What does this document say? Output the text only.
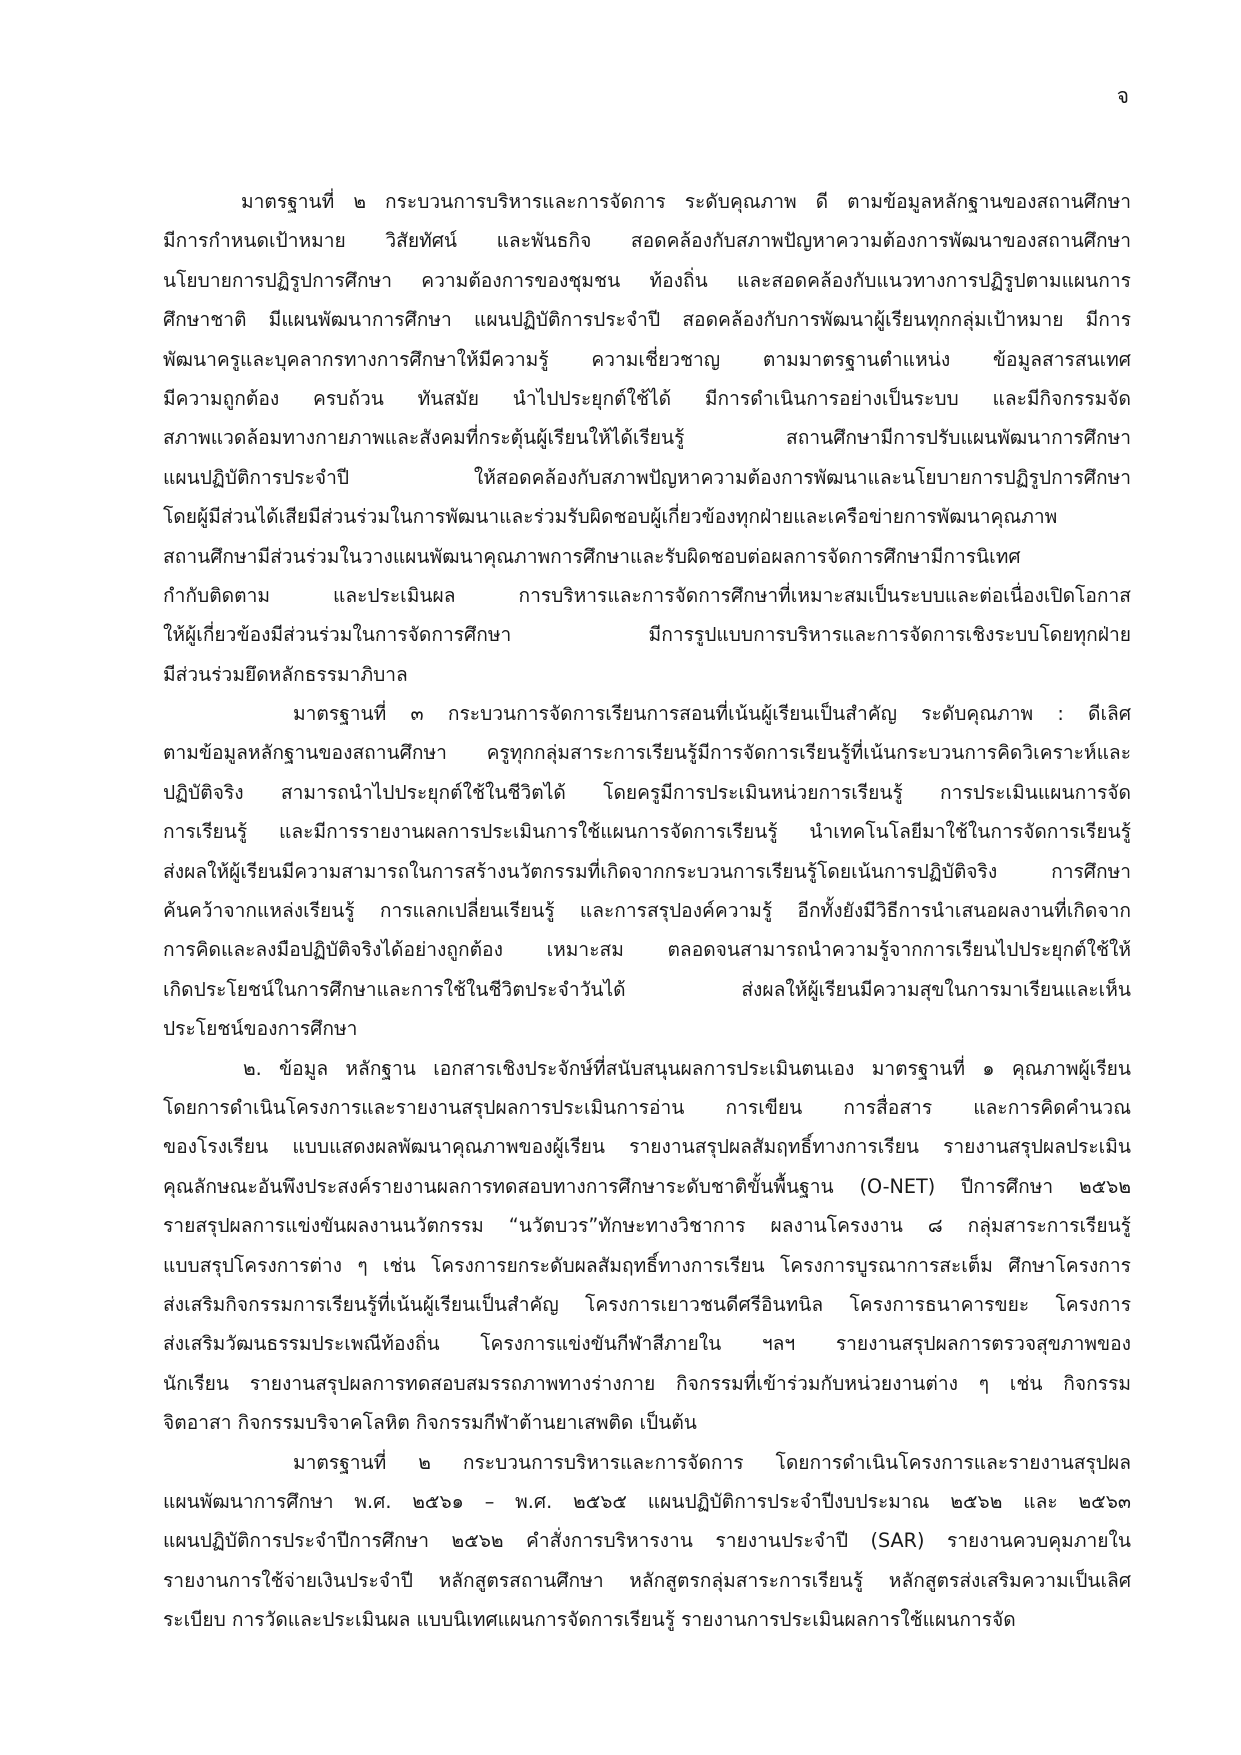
จ
มาตรฐานที่ ๒ กระบวนการบริหารและการจัดการ ระดับคุณภาพ ดี ตามข้อมูลหลักฐานของสถานศึกษา
มีการกำหนดเป้าหมาย วิสัยทัศน์ และพันธกิจ สอดคล้องกับสภาพปัญหาความต้องการพัฒนาของสถานศึกษา
นโยบายการปฏิรูปการศึกษา ความต้องการของชุมชน ท้องถิ่น และสอดคล้องกับแนวทางการปฏิรูปตามแผนการ
ศึกษาชาติ มีแผนพัฒนาการศึกษา แผนปฏิบัติการประจำปี สอดคล้องกับการพัฒนาผู้เรียนทุกกลุ่มเป้าหมาย มีการ
พัฒนาครูและบุคลากรทางการศึกษาให้มีความรู้ ความเชี่ยวชาญ ตามมาตรฐานตำแหน่ง ข้อมูลสารสนเทศ
มีความถูกต้อง ครบถ้วน ทันสมัย นำไปประยุกต์ใช้ได้ มีการดำเนินการอย่างเป็นระบบ และมีกิจกรรมจัด
สภาพแวดล้อมทางกายภาพและสังคมที่กระตุ้นผู้เรียนให้ได้เรียนรู้ สถานศึกษามีการปรับแผนพัฒนาการศึกษา
แผนปฏิบัติการประจำปี ให้สอดคล้องกับสภาพปัญหาความต้องการพัฒนาและนโยบายการปฏิรูปการศึกษา
โดยผู้มีส่วนได้เสียมีส่วนร่วมในการพัฒนาและร่วมรับผิดชอบผู้เกี่ยวข้องทุกฝ่ายและเครือข่ายการพัฒนาคุณภาพ
สถานศึกษามีส่วนร่วมในวางแผนพัฒนาคุณภาพการศึกษาและรับผิดชอบต่อผลการจัดการศึกษามีการนิเทศ
กำกับติดตาม และประเมินผล การบริหารและการจัดการศึกษาที่เหมาะสมเป็นระบบและต่อเนื่องเปิดโอกาส
ให้ผู้เกี่ยวข้องมีส่วนร่วมในการจัดการศึกษา มีการรูปแบบการบริหารและการจัดการเชิงระบบโดยทุกฝ่าย
มีส่วนร่วมยึดหลักธรรมาภิบาล
มาตรฐานที่ ๓ กระบวนการจัดการเรียนการสอนที่เน้นผู้เรียนเป็นสำคัญ ระดับคุณภาพ : ดีเลิศ
ตามข้อมูลหลักฐานของสถานศึกษา ครูทุกกลุ่มสาระการเรียนรู้มีการจัดการเรียนรู้ที่เน้นกระบวนการคิดวิเคราะห์และ
ปฏิบัติจริง สามารถนำไปประยุกต์ใช้ในชีวิตได้ โดยครูมีการประเมินหน่วยการเรียนรู้ การประเมินแผนการจัด
การเรียนรู้ และมีการรายงานผลการประเมินการใช้แผนการจัดการเรียนรู้ นำเทคโนโลยีมาใช้ในการจัดการเรียนรู้
ส่งผลให้ผู้เรียนมีความสามารถในการสร้างนวัตกรรมที่เกิดจากกระบวนการเรียนรู้โดยเน้นการปฏิบัติจริง การศึกษา
ค้นคว้าจากแหล่งเรียนรู้ การแลกเปลี่ยนเรียนรู้ และการสรุปองค์ความรู้ อีกทั้งยังมีวิธีการนำเสนอผลงานที่เกิดจาก
การคิดและลงมือปฏิบัติจริงได้อย่างถูกต้อง เหมาะสม ตลอดจนสามารถนำความรู้จากการเรียนไปประยุกต์ใช้ให้
เกิดประโยชน์ในการศึกษาและการใช้ในชีวิตประจำวันได้ ส่งผลให้ผู้เรียนมีความสุขในการมาเรียนและเห็น
ประโยชน์ของการศึกษา
๒. ข้อมูล หลักฐาน เอกสารเชิงประจักษ์ที่สนับสนุนผลการประเมินตนเอง มาตรฐานที่ ๑ คุณภาพผู้เรียน
โดยการดำเนินโครงการและรายงานสรุปผลการประเมินการอ่าน การเขียน การสื่อสาร และการคิดคำนวณ
ของโรงเรียน แบบแสดงผลพัฒนาคุณภาพของผู้เรียน รายงานสรุปผลสัมฤทธิ์ทางการเรียน รายงานสรุปผลประเมิน
คุณลักษณะอันพึงประสงค์รายงานผลการทดสอบทางการศึกษาระดับชาติขั้นพื้นฐาน (O-NET) ปีการศึกษา ๒๕๖๒
รายสรุปผลการแข่งขันผลงานนวัตกรรม “นวัตบวร”ทักษะทางวิชาการ ผลงานโครงงาน ๘ กลุ่มสาระการเรียนรู้
แบบสรุปโครงการต่าง ๆ เช่น โครงการยกระดับผลสัมฤทธิ์ทางการเรียน โครงการบูรณาการสะเต็ม ศึกษาโครงการ
ส่งเสริมกิจกรรมการเรียนรู้ที่เน้นผู้เรียนเป็นสำคัญ โครงการเยาวชนดีศรีอินทนิล โครงการธนาคารขยะ โครงการ
ส่งเสริมวัฒนธรรมประเพณีท้องถิ่น โครงการแข่งขันกีฬาสีภายใน ฯลฯ รายงานสรุปผลการตรวจสุขภาพของ
นักเรียน รายงานสรุปผลการทดสอบสมรรถภาพทางร่างกาย กิจกรรมที่เข้าร่วมกับหน่วยงานต่าง ๆ เช่น กิจกรรม
จิตอาสา กิจกรรมบริจาคโลหิต กิจกรรมกีฬาต้านยาเสพติด เป็นต้น
มาตรฐานที่ ๒ กระบวนการบริหารและการจัดการ โดยการดำเนินโครงการและรายงานสรุปผล
แผนพัฒนาการศึกษา พ.ศ. ๒๕๖๑ – พ.ศ. ๒๕๖๕ แผนปฏิบัติการประจำปีงบประมาณ ๒๕๖๒ และ ๒๕๖๓
แผนปฏิบัติการประจำปีการศึกษา ๒๕๖๒ คำสั่งการบริหารงาน รายงานประจำปี (SAR) รายงานควบคุมภายใน
รายงานการใช้จ่ายเงินประจำปี หลักสูตรสถานศึกษา หลักสูตรกลุ่มสาระการเรียนรู้ หลักสูตรส่งเสริมความเป็นเลิศ
ระเบียบ การวัดและประเมินผล แบบนิเทศแผนการจัดการเรียนรู้ รายงานการประเมินผลการใช้แผนการจัด
